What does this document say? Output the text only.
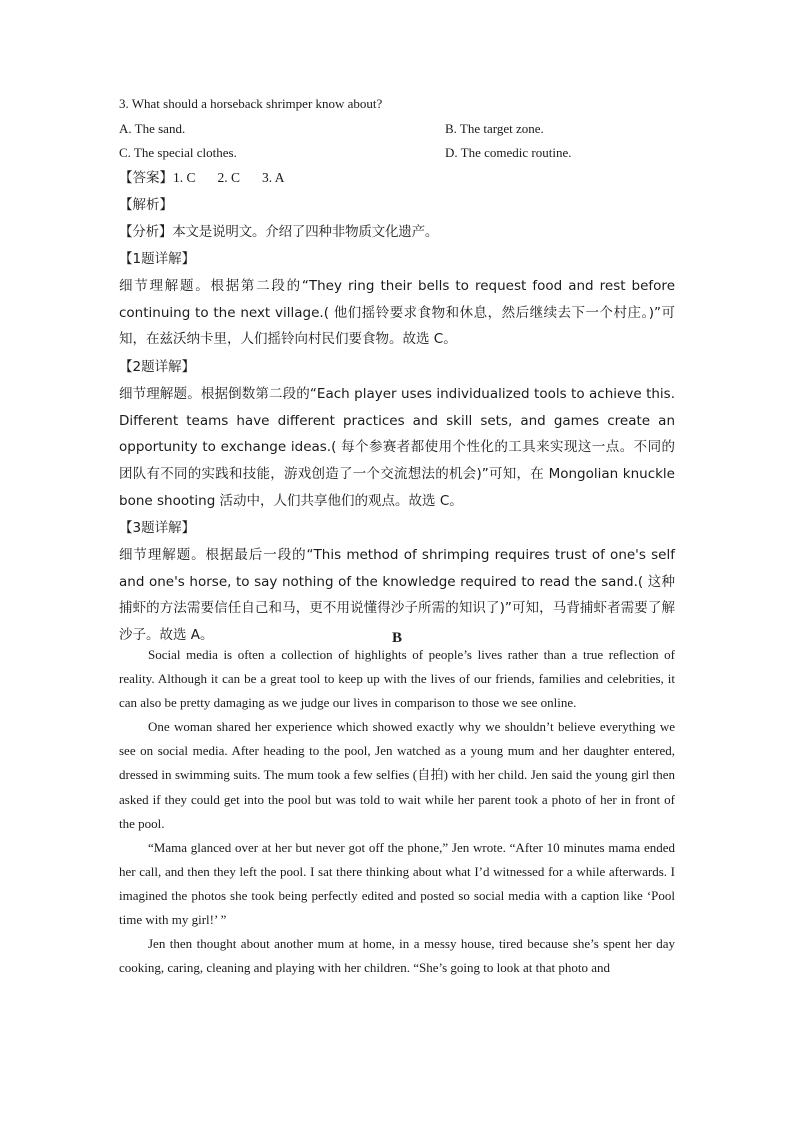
3. What should a horseback shrimper know about?
A. The sand.	B. The target zone.
C. The special clothes.	D. The comedic routine.
【答案】1. C 2. C 3. A
【解析】
【分析】本文是说明文。介绍了四种非物质文化遗产。
【1题详解】
细节理解题。根据第二段的“They ring their bells to request food and rest before continuing to the next village.( 他们摇铃要求食物和休息，然后继续去下一个村庄。)”可知，在兹沃纳卡里，人们摇铃向村民们要食物。故选 C。
【2题详解】
细节理解题。根据倒数第二段的“Each player uses individualized tools to achieve this. Different teams have different practices and skill sets, and games create an opportunity to exchange ideas.( 每个参赛者都使用个性化的工具来实现这一点。不同的团队有不同的实践和技能，游戏创造了一个交流想法的机会)”可知，在 Mongolian knuckle bone shooting 活动中，人们共享他们的观点。故选 C。
【3题详解】
细节理解题。根据最后一段的“This method of shrimping requires trust of one's self and one's horse, to say nothing of the knowledge required to read the sand.( 这种捕虾的方法需要信任自己和马，更不用说懂得沙子所需的知识了)”可知，马背捕虾者需要了解沙子。故选 A。	B

Social media is often a collection of highlights of people’s lives rather than a true reflection of reality. Although it can be a great tool to keep up with the lives of our friends, families and celebrities, it can also be pretty damaging as we judge our lives in comparison to those we see online.

One woman shared her experience which showed exactly why we shouldn’t believe everything we see on social media. After heading to the pool, Jen watched as a young mum and her daughter entered, dressed in swimming suits. The mum took a few selfies (自拍) with her child. Jen said the young girl then asked if they could get into the pool but was told to wait while her parent took a photo of her in front of the pool.

“Mama glanced over at her but never got off the phone,” Jen wrote. “After 10 minutes mama ended her call, and then they left the pool. I sat there thinking about what I’d witnessed for a while afterwards. I imagined the photos she took being perfectly edited and posted so social media with a caption like ‘Pool time with my girl!’ ”

Jen then thought about another mum at home, in a messy house, tired because she’s spent her day cooking, caring, cleaning and playing with her children. “She’s going to look at that photo and
